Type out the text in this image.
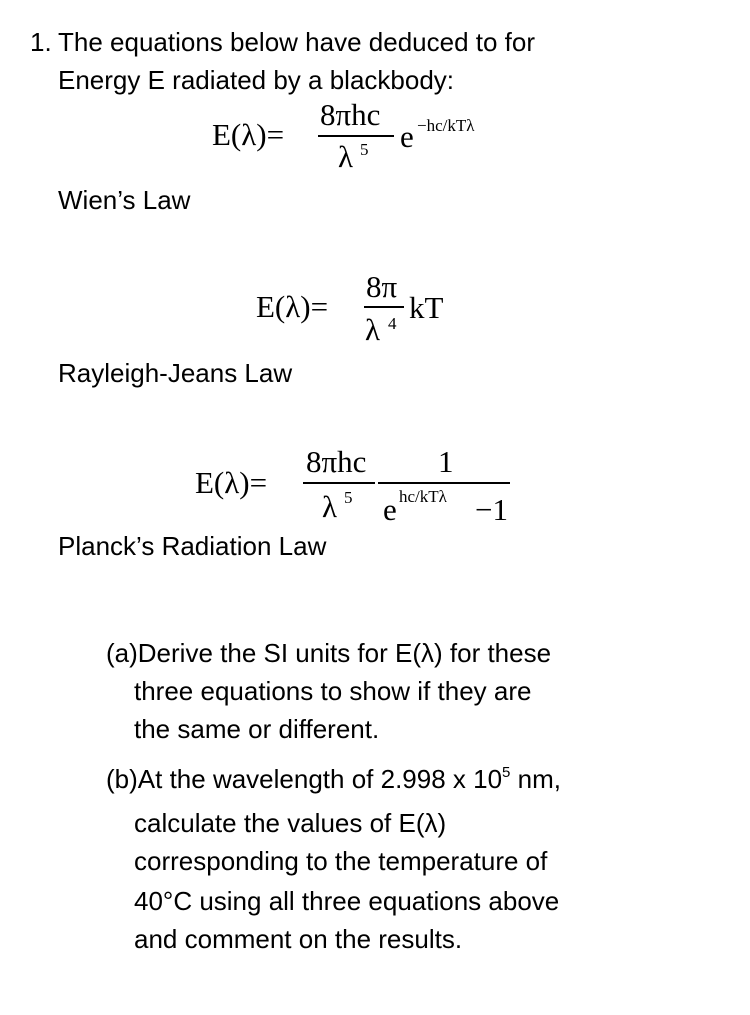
1. The equations below have deduced to for
Energy E radiated by a blackbody:
E(λ)=
8πhc
λ 5 e −hc/kTλ
Wien’s Law
E(λ)=
8π
λ 4 kT
Rayleigh-Jeans Law
E(λ)=
8πhc
λ 5
1
e hc/kTλ −1
Planck’s Radiation Law
(a)Derive the SI units for E(λ) for these
three equations to show if they are
the same or different.
(b)At the wavelength of 2.998 x $10^5$ nm,
calculate the values of E(λ)
corresponding to the temperature of
40°C using all three equations above
and comment on the results.
